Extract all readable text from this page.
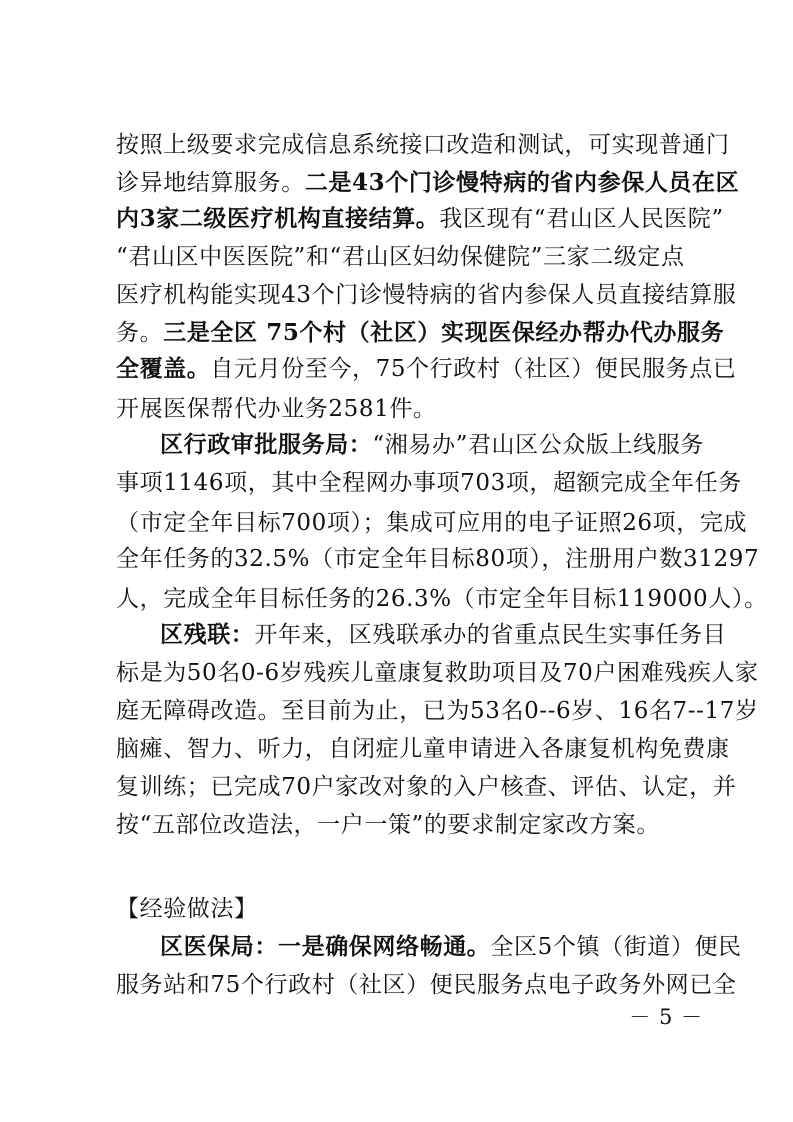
按照上级要求完成信息系统接口改造和测试，可实现普通门
诊异地结算服务。二是43个门诊慢特病的省内参保人员在区
内3家二级医疗机构直接结算。我区现有“君山区人民医院”
“君山区中医医院”和“君山区妇幼保健院”三家二级定点
医疗机构能实现43个门诊慢特病的省内参保人员直接结算服
务。三是全区 75个村（社区）实现医保经办帮办代办服务
全覆盖。自元月份至今，75个行政村（社区）便民服务点已
开展医保帮代办业务2581件。
区行政审批服务局：“湘易办”君山区公众版上线服务
事项1146项，其中全程网办事项703项，超额完成全年任务
（市定全年目标700项）；集成可应用的电子证照26项，完成
全年任务的32.5%（市定全年目标80项），注册用户数31297
人，完成全年目标任务的26.3%（市定全年目标119000人）。
区残联：开年来，区残联承办的省重点民生实事任务目
标是为50名0-6岁残疾儿童康复救助项目及70户困难残疾人家
庭无障碍改造。至目前为止，已为53名0--6岁、16名7--17岁
脑瘫、智力、听力，自闭症儿童申请进入各康复机构免费康
复训练；已完成70户家改对象的入户核查、评估、认定，并
按“五部位改造法，一户一策”的要求制定家改方案。
【经验做法】
区医保局：一是确保网络畅通。全区5个镇（街道）便民
服务站和75个行政村（社区）便民服务点电子政务外网已全
－ 5 －
